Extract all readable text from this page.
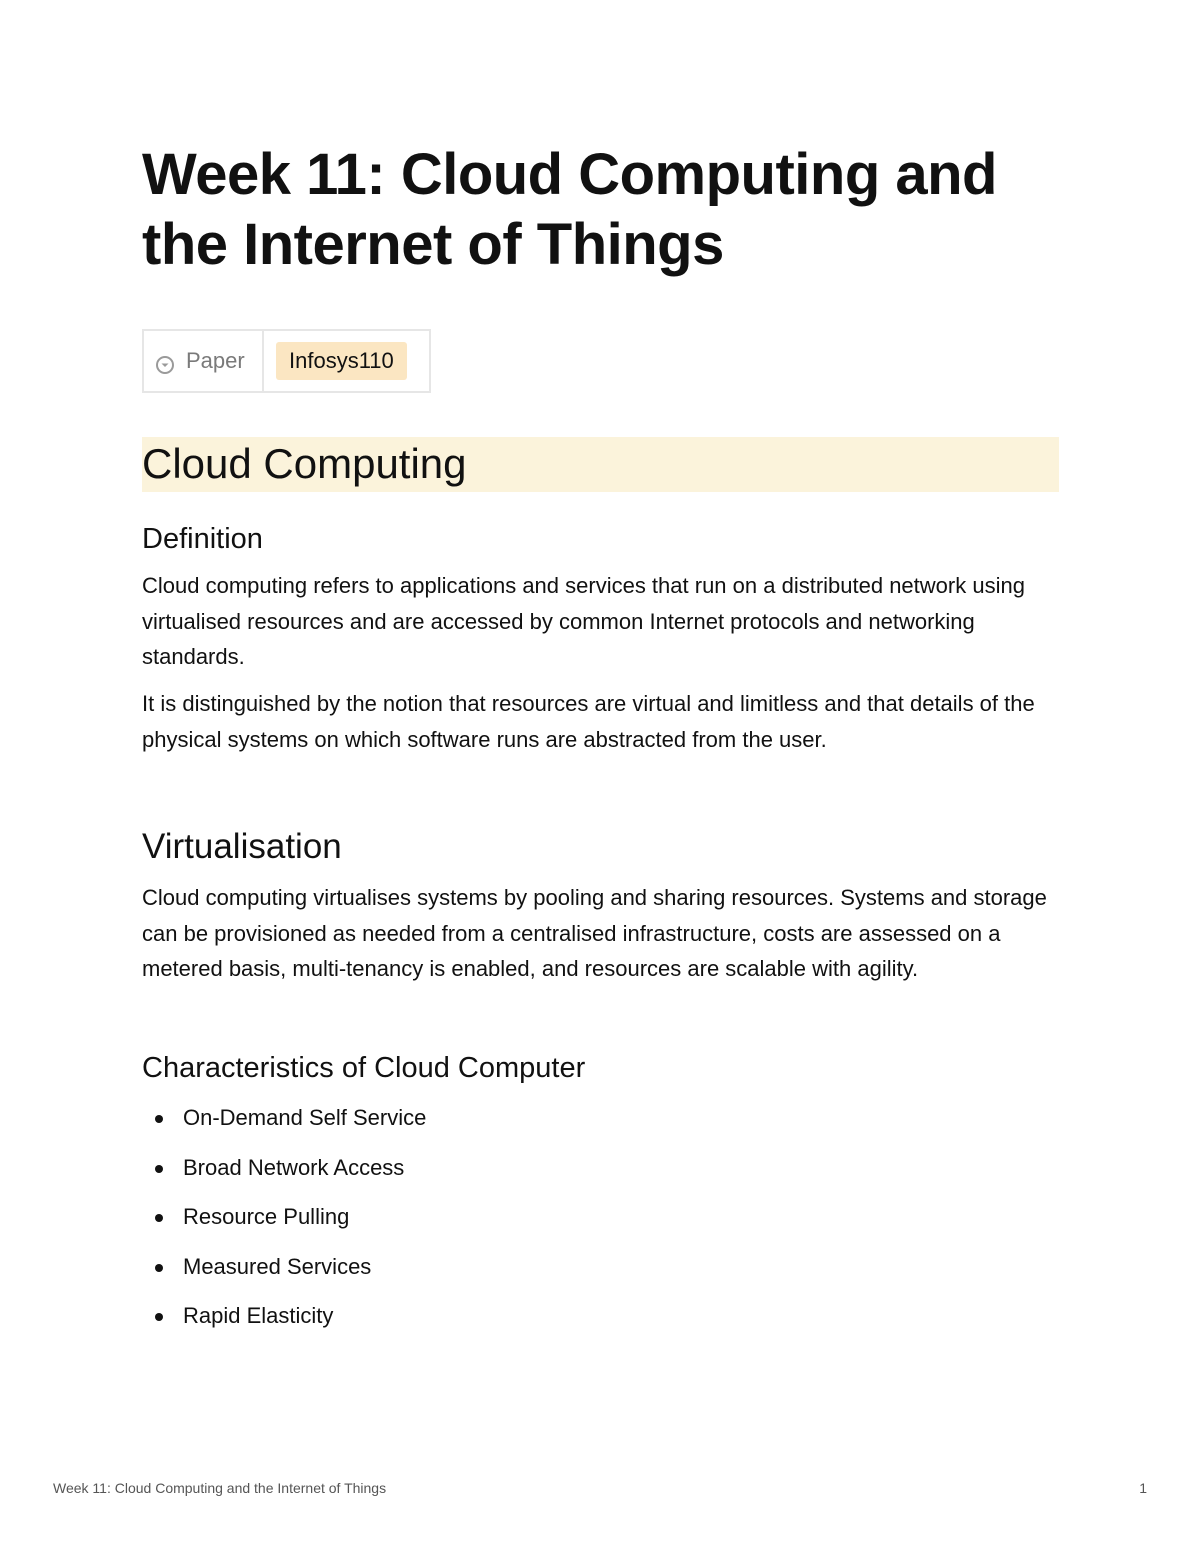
Week 11: Cloud Computing and the Internet of Things
Paper	Infosys110
Cloud Computing
Definition

Cloud computing refers to applications and services that run on a distributed network using virtualised resources and are accessed by common Internet protocols and networking standards.

It is distinguished by the notion that resources are virtual and limitless and that details of the physical systems on which software runs are abstracted from the user.

Virtualisation

Cloud computing virtualises systems by pooling and sharing resources. Systems and storage can be provisioned as needed from a centralised infrastructure, costs are assessed on a metered basis, multi-tenancy is enabled, and resources are scalable with agility.

Characteristics of Cloud Computer
On-Demand Self Service
Broad Network Access
Resource Pulling
Measured Services
Rapid Elasticity
Week 11: Cloud Computing and the Internet of Things	1
